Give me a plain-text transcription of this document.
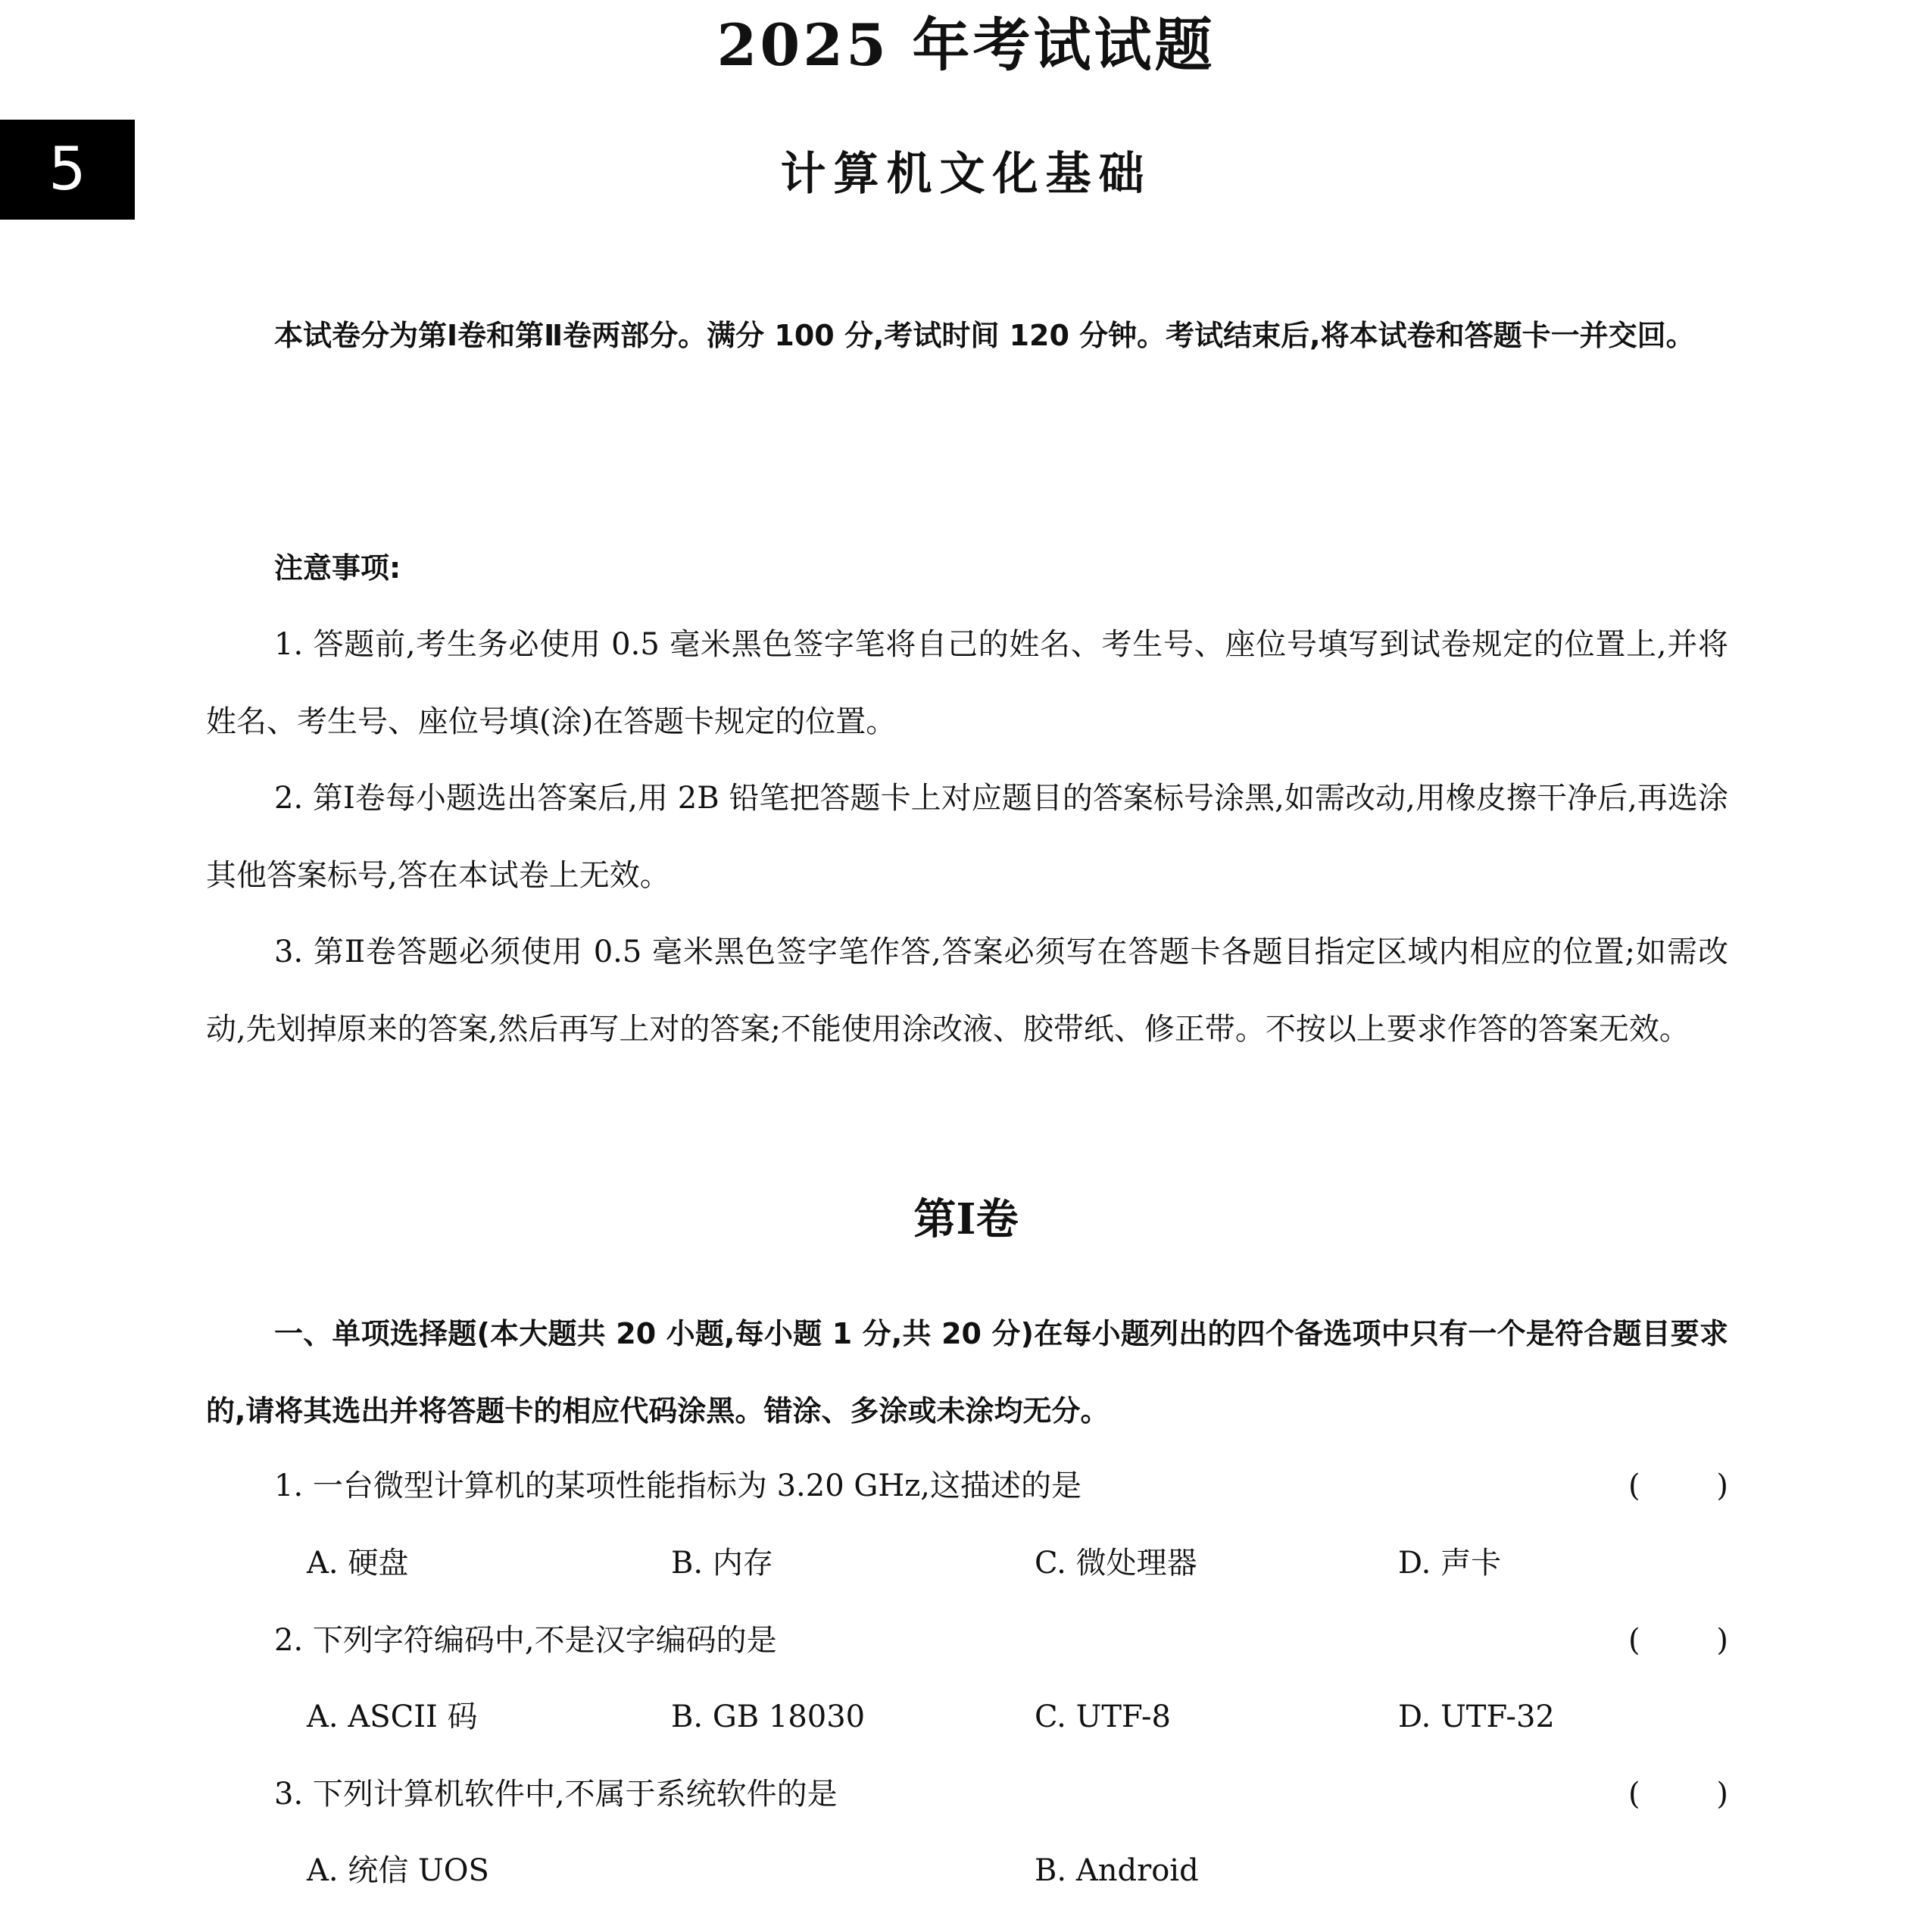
2025 年考试试题
5	计算机文化基础

本试卷分为第Ⅰ卷和第Ⅱ卷两部分。满分 100 分,考试时间 120 分钟。考试结束后,将本试卷和答题卡一并交回。

注意事项:

1. 答题前,考生务必使用 0.5 毫米黑色签字笔将自己的姓名、考生号、座位号填写到试卷规定的位置上,并将姓名、考生号、座位号填(涂)在答题卡规定的位置。

2. 第Ⅰ卷每小题选出答案后,用 2B 铅笔把答题卡上对应题目的答案标号涂黑,如需改动,用橡皮擦干净后,再选涂其他答案标号,答在本试卷上无效。

3. 第Ⅱ卷答题必须使用 0.5 毫米黑色签字笔作答,答案必须写在答题卡各题目指定区域内相应的位置;如需改动,先划掉原来的答案,然后再写上对的答案;不能使用涂改液、胶带纸、修正带。不按以上要求作答的答案无效。

第Ⅰ卷

一、单项选择题(本大题共 20 小题,每小题 1 分,共 20 分)在每小题列出的四个备选项中只有一个是符合题目要求的,请将其选出并将答题卡的相应代码涂黑。错涂、多涂或未涂均无分。

1. 一台微型计算机的某项性能指标为 3.20 GHz,这描述的是	(	)
A. 硬盘	B. 内存	C. 微处理器	D. 声卡
2. 下列字符编码中,不是汉字编码的是	(	)
A. ASCII 码	B. GB 18030	C. UTF-8	D. UTF-32
3. 下列计算机软件中,不属于系统软件的是	(	)
A. 统信 UOS	B. Android
